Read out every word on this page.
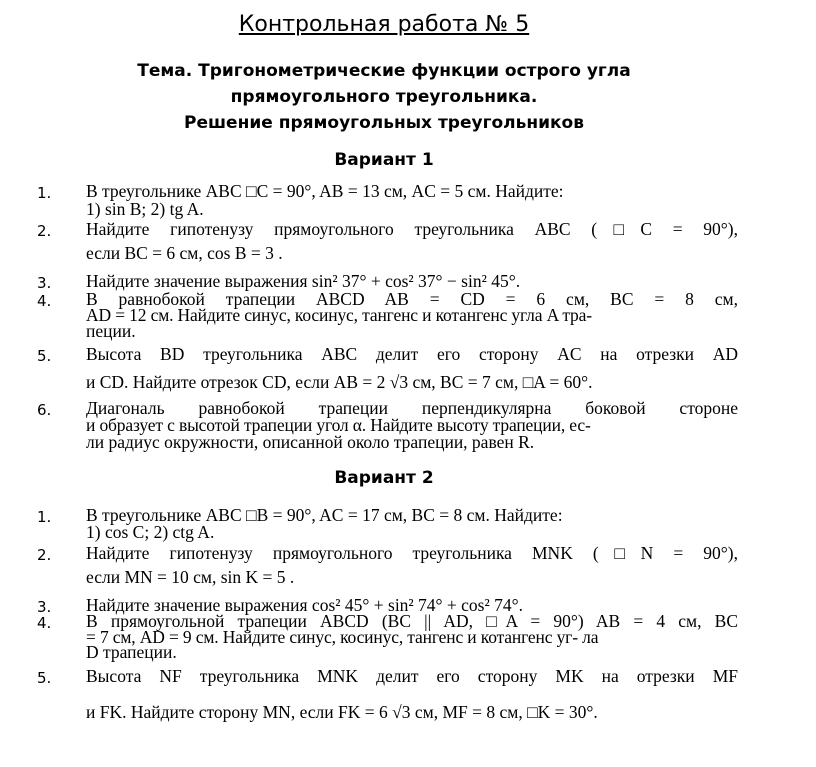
Контрольная работа № 5
Тема. Тригонометрические функции острого угла
прямоугольного треугольника.
Решение прямоугольных треугольников
Вариант 1
1. В треугольнике ABC □C = 90°, AB = 13 см, AC = 5 см. Найдите:
1) sin B; 2) tg A.
2. Найдите гипотенузу прямоугольного треугольника ABC (□C = 90°),
если BC = 6 см, cos B = 3 .
3. Найдите значение выражения sin² 37° + cos² 37° − sin² 45°.
4. В равнобокой трапеции ABCD AB = CD = 6 см, BC = 8 см,
AD = 12 см. Найдите синус, косинус, тангенс и котангенс угла A тра-
пеции.
5. Высота BD треугольника ABC делит его сторону AC на отрезки AD
и CD. Найдите отрезок CD, если AB = 2 √3 см, BC = 7 см, □A = 60°.
6. Диагональ равнобокой трапеции перпендикулярна боковой стороне
и образует с высотой трапеции угол α. Найдите высоту трапеции, ес-
ли радиус окружности, описанной около трапеции, равен R.
Вариант 2
1. В треугольнике ABC □B = 90°, AC = 17 см, BC = 8 см. Найдите:
1) cos C; 2) ctg A.
2. Найдите гипотенузу прямоугольного треугольника MNK (□N = 90°),
если MN = 10 см, sin K = 5 .
3. Найдите значение выражения cos² 45° + sin² 74° + cos² 74°.
4. В прямоугольной трапеции ABCD (BC || AD, □A = 90°) AB = 4 см, BC
= 7 см, AD = 9 см. Найдите синус, косинус, тангенс и котангенс уг- ла
D трапеции.
5. Высота NF треугольника MNK делит его сторону MK на отрезки MF
и FK. Найдите сторону MN, если FK = 6 √3 см, MF = 8 см, □K = 30°.
